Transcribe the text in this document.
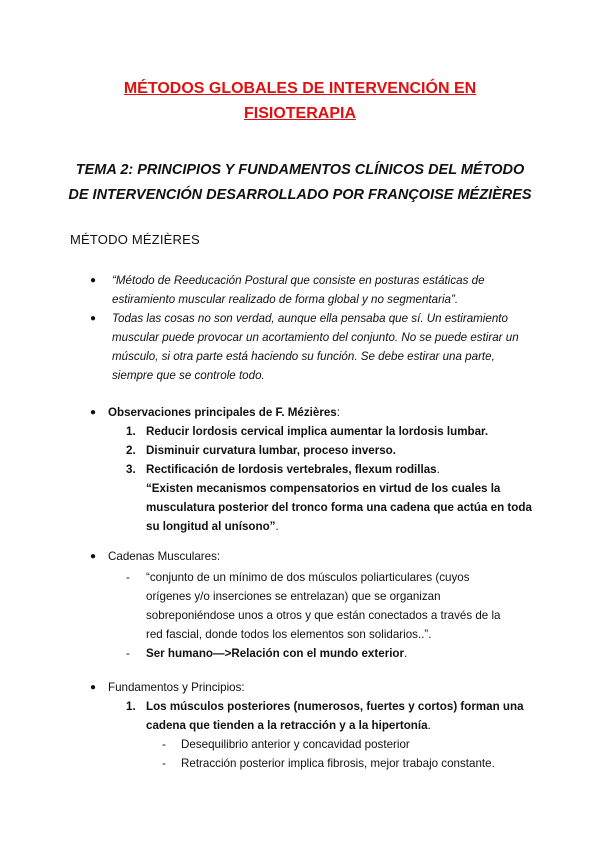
MÉTODOS GLOBALES DE INTERVENCIÓN EN
FISIOTERAPIA
TEMA 2: PRINCIPIOS Y FUNDAMENTOS CLÍNICOS DEL MÉTODO
DE INTERVENCIÓN DESARROLLADO POR FRANÇOISE MÉZIÈRES
MÉTODO MÉZIÈRES
● “Método de Reeducación Postural que consiste en posturas estáticas de
estiramiento muscular realizado de forma global y no segmentaria”.
● Todas las cosas no son verdad, aunque ella pensaba que sí. Un estiramiento
muscular puede provocar un acortamiento del conjunto. No se puede estirar un
músculo, si otra parte está haciendo su función. Se debe estirar una parte,
siempre que se controle todo.
● Observaciones principales de F. Mézières:
1. Reducir lordosis cervical implica aumentar la lordosis lumbar.
2. Disminuir curvatura lumbar, proceso inverso.
3. Rectificación de lordosis vertebrales, flexum rodillas.
“Existen mecanismos compensatorios en virtud de los cuales la
musculatura posterior del tronco forma una cadena que actúa en toda
su longitud al unísono”.
● Cadenas Musculares:
- “conjunto de un mínimo de dos músculos poliarticulares (cuyos
orígenes y/o inserciones se entrelazan) que se organizan
sobreponiéndose unos a otros y que están conectados a través de la
red fascial, donde todos los elementos son solidarios..”.
- Ser humano—>Relación con el mundo exterior.
● Fundamentos y Principios:
1. Los músculos posteriores (numerosos, fuertes y cortos) forman una
cadena que tienden a la retracción y a la hipertonía.
- Desequilibrio anterior y concavidad posterior
- Retracción posterior implica fibrosis, mejor trabajo constante.
